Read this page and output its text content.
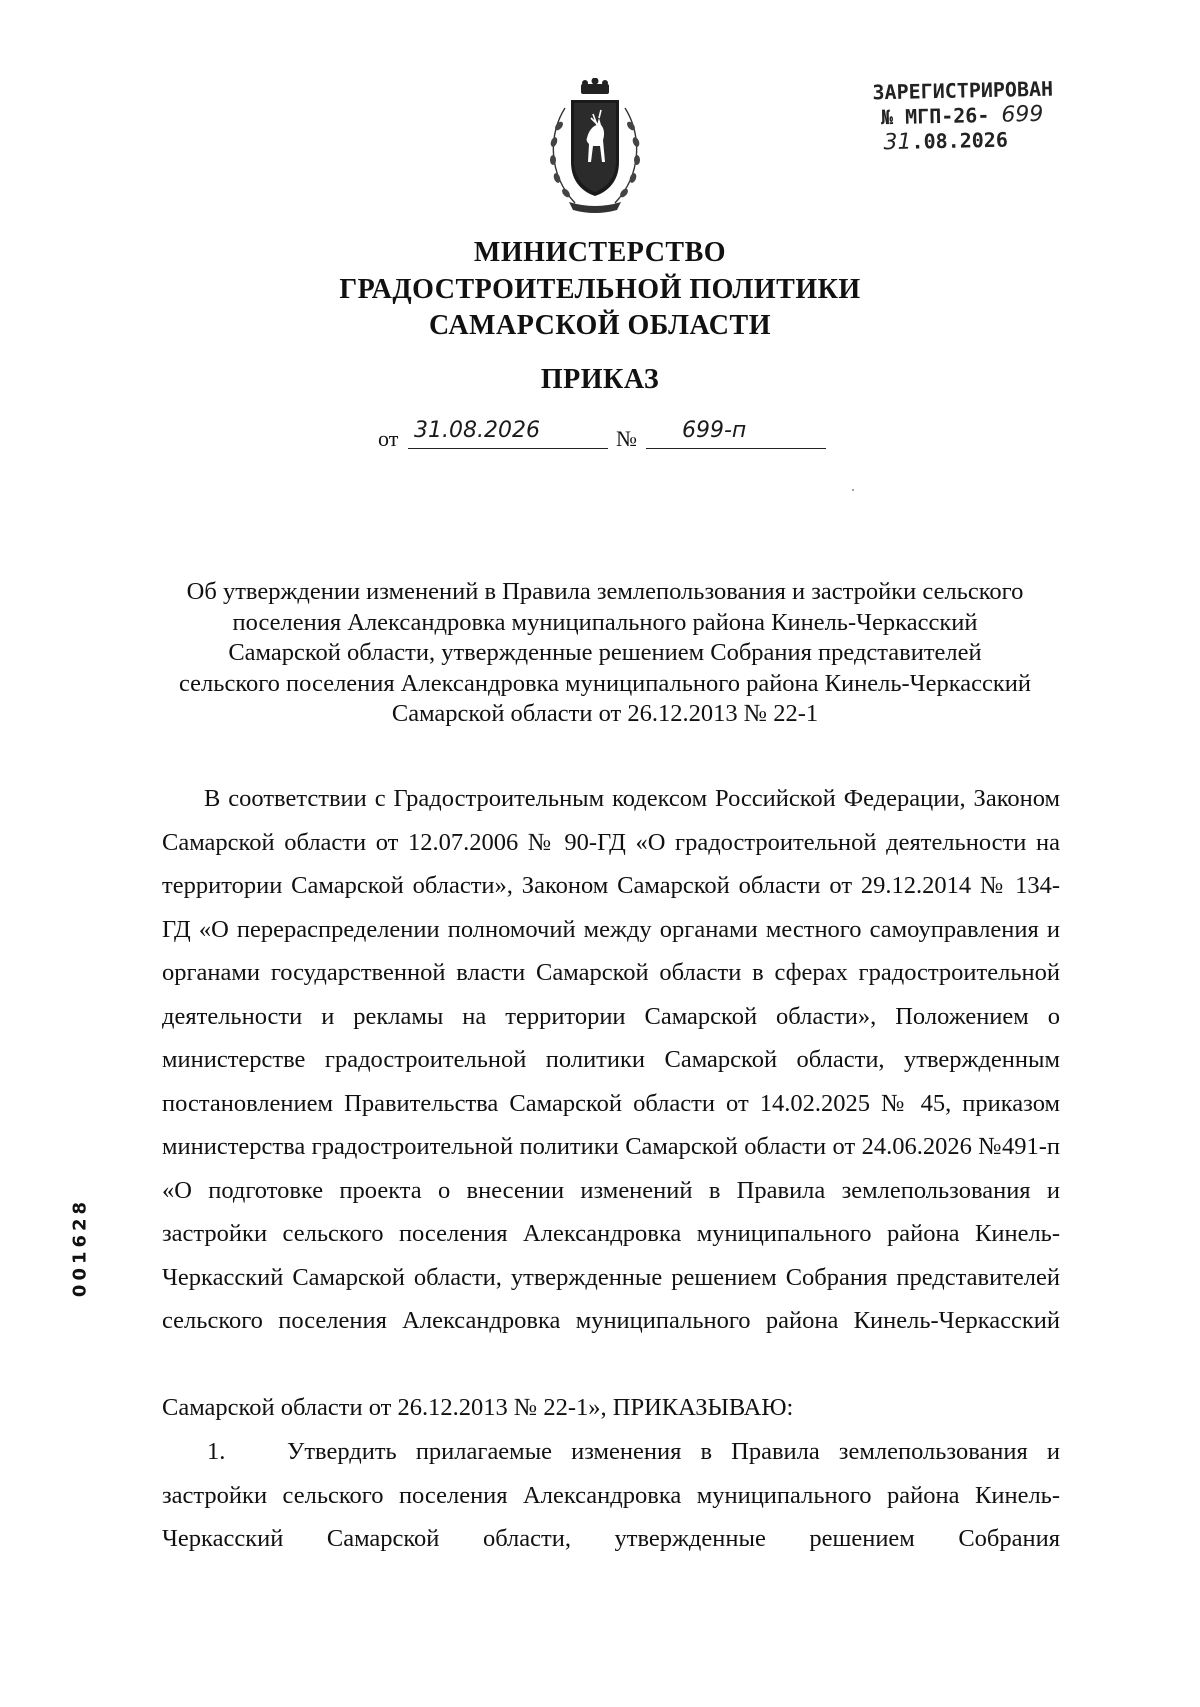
ЗАРЕГИСТРИРОВАН
№ МГП-26- 699
31.08.2026
МИНИСТЕРСТВО
ГРАДОСТРОИТЕЛЬНОЙ ПОЛИТИКИ
САМАРСКОЙ ОБЛАСТИ
ПРИКАЗ
от 31.08.2026	№ 699-п
Об утверждении изменений в Правила землепользования и застройки сельского
поселения Александровка муниципального района Кинель-Черкасский
Самарской области, утвержденные решением Собрания представителей
сельского поселения Александровка муниципального района Кинель-Черкасский
Самарской области от 26.12.2013 № 22-1
В соответствии с Градостроительным кодексом Российской Федерации, Законом Самарской области от 12.07.2006 № 90-ГД «О градостроительной деятельности на территории Самарской области», Законом Самарской области от 29.12.2014 № 134-ГД «О перераспределении полномочий между органами местного самоуправления и органами государственной власти Самарской области в сферах градостроительной деятельности и рекламы на территории Самарской области», Положением о министерстве градостроительной политики Самарской области, утвержденным постановлением Правительства Самарской области от 14.02.2025 № 45, приказом министерства градостроительной политики Самарской области от 24.06.2026 №491-п «О подготовке проекта о внесении изменений в Правила землепользования и застройки сельского поселения Александровка муниципального района Кинель-Черкасский Самарской области, утвержденные решением Собрания представителей сельского поселения Александровка муниципального района Кинель-Черкасский
Самарской области от 26.12.2013 № 22-1», ПРИКАЗЫВАЮ:
1.	Утвердить прилагаемые изменения в Правила землепользования и застройки сельского поселения Александровка муниципального района Кинель-Черкасский Самарской области, утвержденные решением Собрания
001628
